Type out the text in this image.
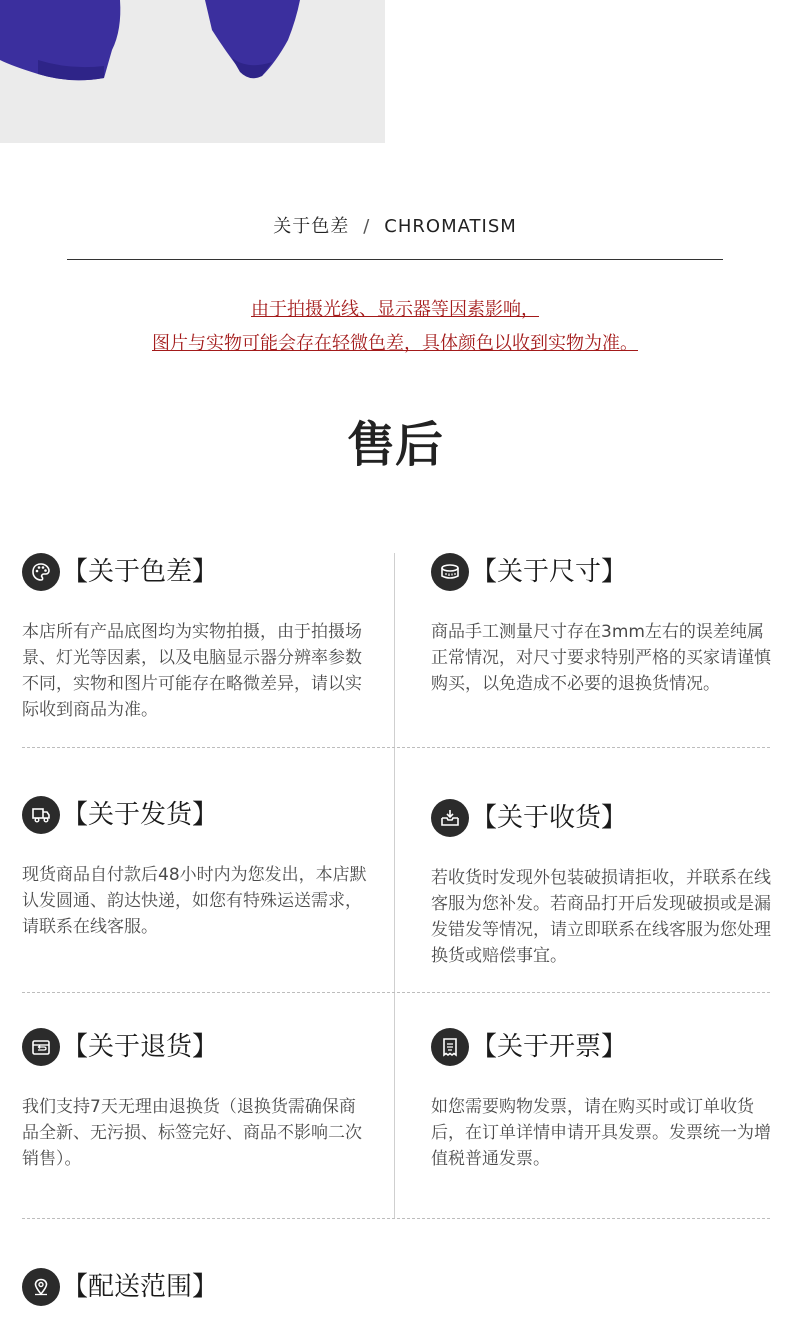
关于色差 / CHROMATISM
由于拍摄光线、显示器等因素影响，
图片与实物可能会存在轻微色差，具体颜色以收到实物为准。
售后
【关于色差】
本店所有产品底图均为实物拍摄，由于拍摄场景、灯光等因素，以及电脑显示器分辨率参数不同，实物和图片可能存在略微差异，请以实际收到商品为准。
【关于尺寸】
商品手工测量尺寸存在3mm左右的误差纯属正常情况，对尺寸要求特别严格的买家请谨慎购买，以免造成不必要的退换货情况。
【关于发货】
现货商品自付款后48小时内为您发出，本店默认发圆通、韵达快递，如您有特殊运送需求，请联系在线客服。
【关于收货】
若收货时发现外包装破损请拒收，并联系在线客服为您补发。若商品打开后发现破损或是漏发错发等情况，请立即联系在线客服为您处理换货或赔偿事宜。
【关于退货】
我们支持7天无理由退换货（退换货需确保商品全新、无污损、标签完好、商品不影响二次销售）。
【关于开票】
如您需要购物发票，请在购买时或订单收货后，在订单详情申请开具发票。发票统一为增值税普通发票。
【配送范围】
